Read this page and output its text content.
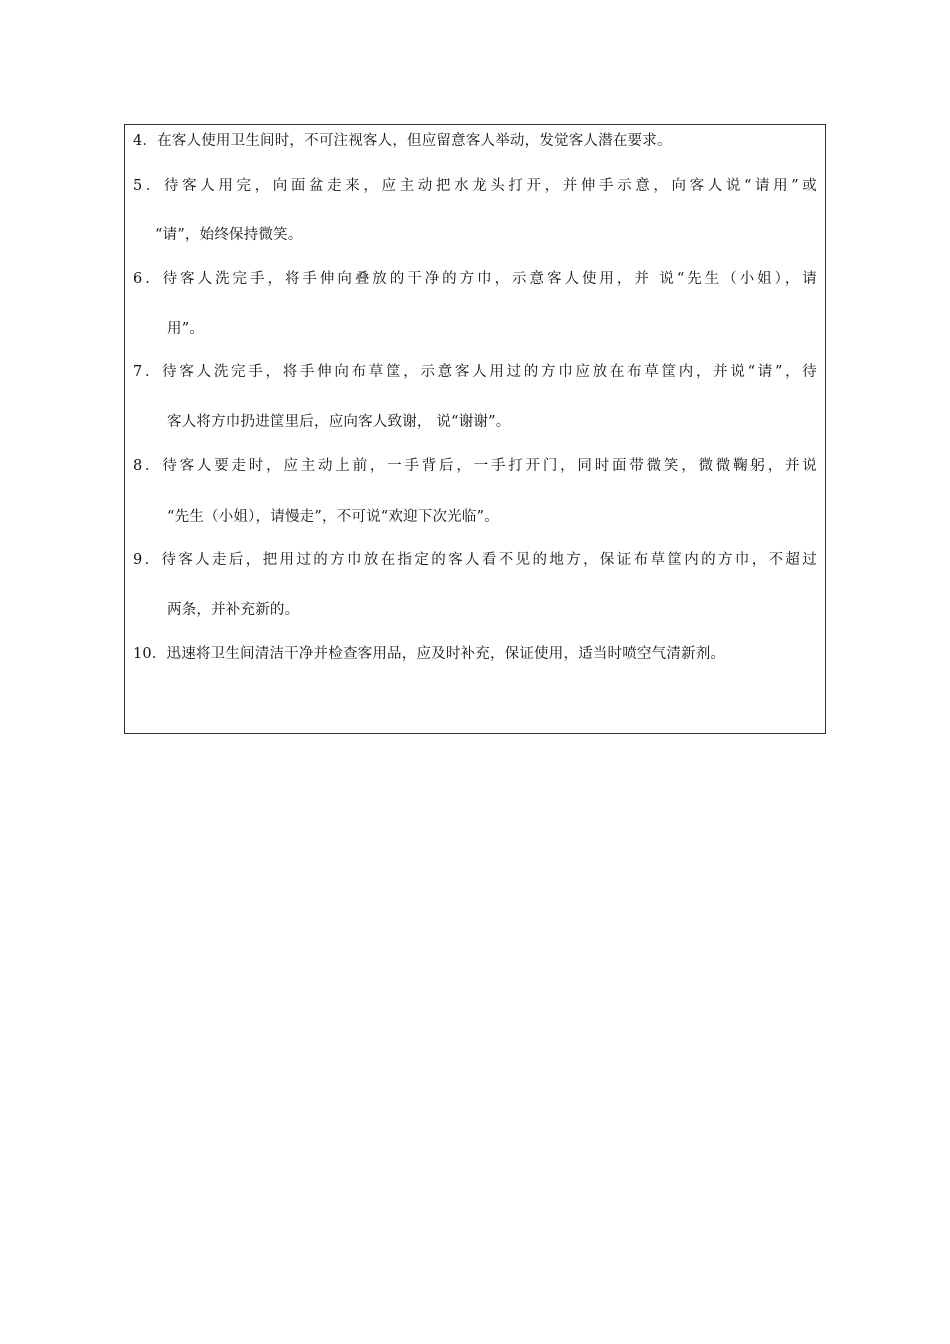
4．在客人使用卫生间时，不可注视客人，但应留意客人举动，发觉客人潜在要求。
5．待客人用完，向面盆走来，应主动把水龙头打开，并伸手示意，向客人说“请用”或
“请”，始终保持微笑。
6．待客人洗完手，将手伸向叠放的干净的方巾，示意客人使用，并 说“先生（小姐），请
用”。
7．待客人洗完手，将手伸向布草筐，示意客人用过的方巾应放在布草筐内，并说“请”，待
客人将方巾扔进筐里后，应向客人致谢， 说“谢谢”。
8．待客人要走时，应主动上前，一手背后，一手打开门，同时面带微笑，微微鞠躬，并说
“先生（小姐），请慢走”，不可说“欢迎下次光临”。
9．待客人走后，把用过的方巾放在指定的客人看不见的地方，保证布草筐内的方巾，不超过
两条，并补充新的。
10．迅速将卫生间清洁干净并检查客用品，应及时补充，保证使用，适当时喷空气清新剂。
